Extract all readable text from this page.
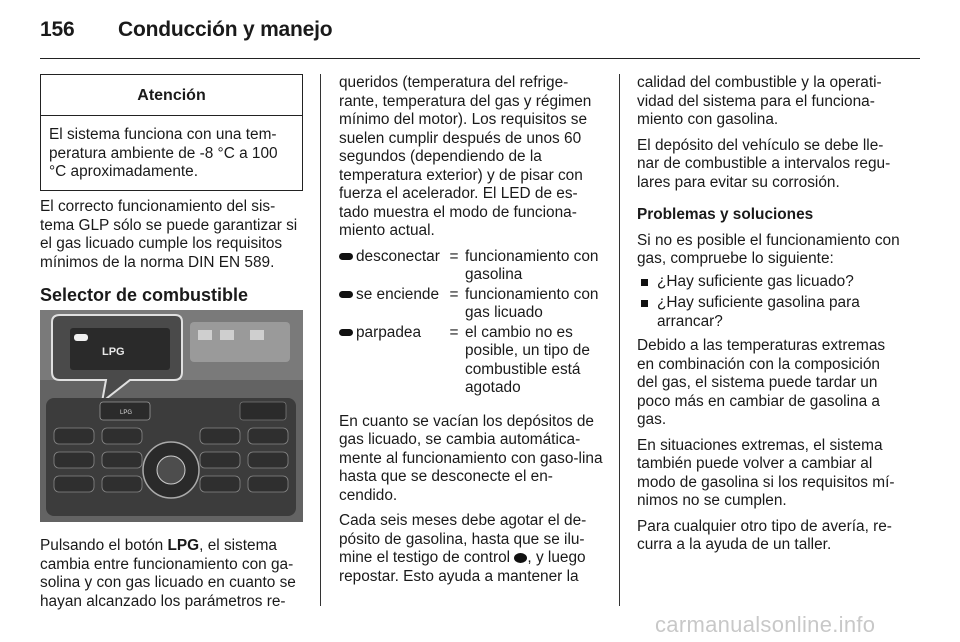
156 Conducción y manejo
Atención
El sistema funciona con una tem-peratura ambiente de -8 °C a 100 °C aproximadamente.

El correcto funcionamiento del sis-tema GLP sólo se puede garantizar si el gas licuado cumple los requisitos mínimos de la norma DIN EN 589.

Selector de combustible

LPG
LPG

Pulsando el botón LPG, el sistema cambia entre funcionamiento con ga-solina y con gas licuado en cuanto se hayan alcanzado los parámetros re-

queridos (temperatura del refrige-rante, temperatura del gas y régimen mínimo del motor). Los requisitos se suelen cumplir después de unos 60 segundos (dependiendo de la temperatura exterior) y de pisar con fuerza el acelerador. El LED de es-tado muestra el modo de funciona-miento actual.

desconectar	=	funcionamiento con gasolina
se enciende	=	funcionamiento con gas licuado
parpadea	=	el cambio no es posible, un tipo de combustible está agotado

En cuanto se vacían los depósitos de gas licuado, se cambia automática-mente al funcionamiento con gaso-lina hasta que se desconecte el en-cendido.

Cada seis meses debe agotar el de-pósito de gasolina, hasta que se ilu-mine el testigo de control , y luego repostar. Esto ayuda a mantener la

calidad del combustible y la operati-vidad del sistema para el funciona-miento con gasolina.

El depósito del vehículo se debe lle-nar de combustible a intervalos regu-lares para evitar su corrosión.

Problemas y soluciones

Si no es posible el funcionamiento con gas, compruebe lo siguiente:

¿Hay suficiente gas licuado?
¿Hay suficiente gasolina para arrancar?

Debido a las temperaturas extremas en combinación con la composición del gas, el sistema puede tardar un poco más en cambiar de gasolina a gas.

En situaciones extremas, el sistema también puede volver a cambiar al modo de gasolina si los requisitos mí-nimos no se cumplen.

Para cualquier otro tipo de avería, re-curra a la ayuda de un taller.

carmanualsonline.info
